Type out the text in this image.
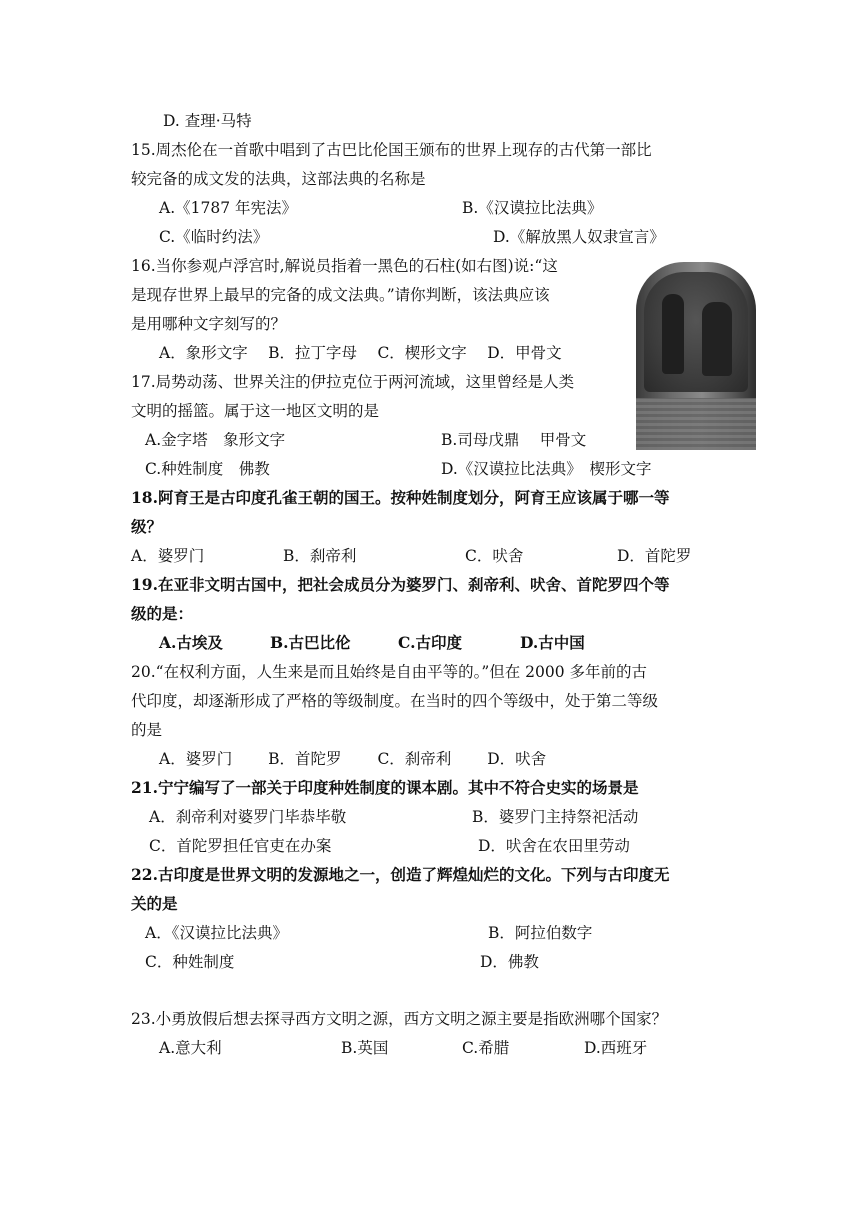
D. 查理·马特
15.周杰伦在一首歌中唱到了古巴比伦国王颁布的世界上现存的古代第一部比
较完备的成文发的法典，这部法典的名称是
A.《1787 年宪法》	B.《汉谟拉比法典》
C.《临时约法》	D.《解放黑人奴隶宣言》
16.当你参观卢浮宫时,解说员指着一黑色的石柱(如右图)说:“这
是现存世界上最早的完备的成文法典。”请你判断，该法典应该
是用哪种文字刻写的？
A．象形文字　 B．拉丁字母　 C．楔形文字　 D．甲骨文
17.局势动荡、世界关注的伊拉克位于两河流域，这里曾经是人类
文明的摇篮。属于这一地区文明的是
A.金字塔　象形文字	B.司母戊鼎　 甲骨文
C.种姓制度　佛教	D.《汉谟拉比法典》　楔形文字
18.阿育王是古印度孔雀王朝的国王。按种姓制度划分，阿育王应该属于哪一等
级？
A．婆罗门	B．刹帝利	C．吠舍	D．首陀罗
19.在亚非文明古国中，把社会成员分为婆罗门、刹帝利、吠舍、首陀罗四个等
级的是：
A.古埃及	B.古巴比伦	C.古印度	D.古中国
20.“在权利方面，人生来是而且始终是自由平等的。”但在 2000 多年前的古
代印度，却逐渐形成了严格的等级制度。在当时的四个等级中，处于第二等级
的是
A．婆罗门　　 B．首陀罗　　 C．刹帝利　　 D．吠舍
21.宁宁编写了一部关于印度种姓制度的课本剧。其中不符合史实的场景是
A．刹帝利对婆罗门毕恭毕敬	B．婆罗门主持祭祀活动
C．首陀罗担任官吏在办案	D．吠舍在农田里劳动
22.古印度是世界文明的发源地之一，创造了辉煌灿烂的文化。下列与古印度无
关的是
A．《汉谟拉比法典》	B．阿拉伯数字
C．种姓制度	D．佛教
23.小勇放假后想去探寻西方文明之源，西方文明之源主要是指欧洲哪个国家？
A.意大利	B.英国	C.希腊	D.西班牙
